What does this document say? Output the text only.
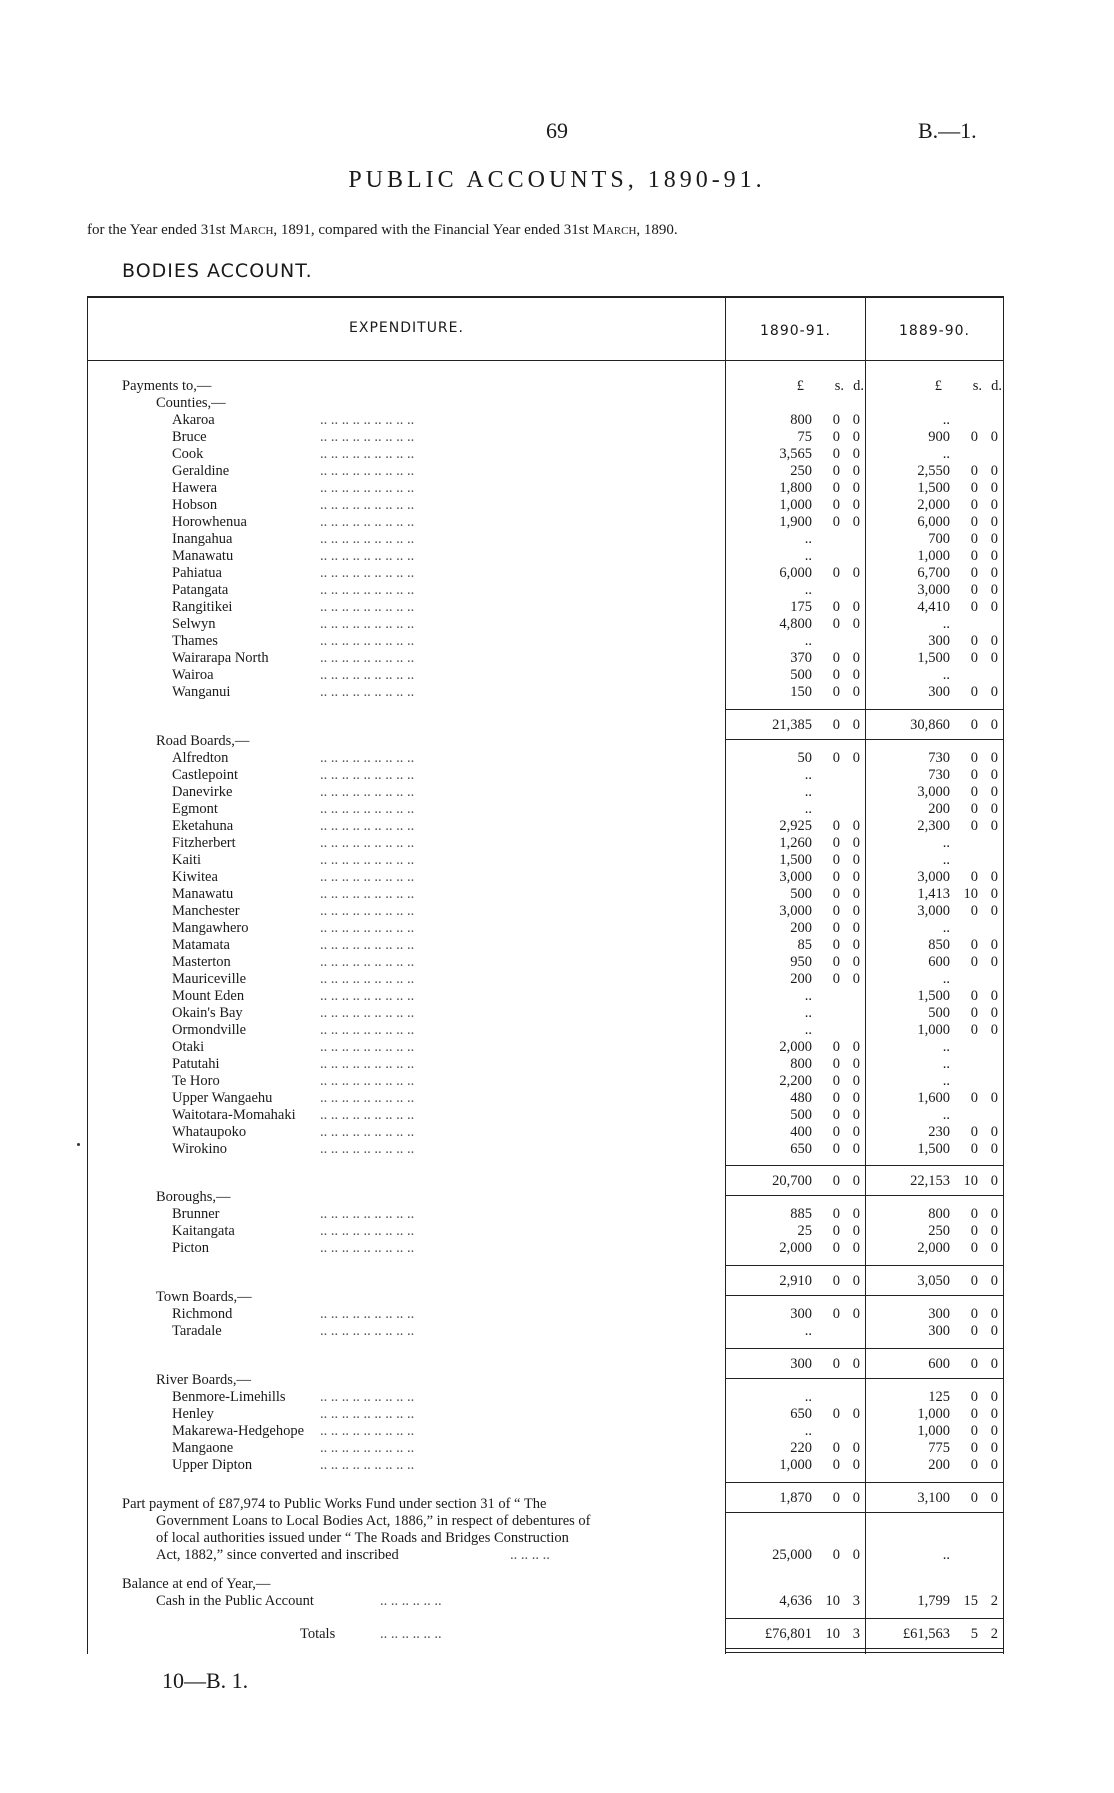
69	B.—1.
PUBLIC ACCOUNTS, 1890-91.
for the Year ended 31st March, 1891, compared with the Financial Year ended 31st March, 1890.
BODIES ACCOUNT.
EXPENDITURE.	1890-91.	1889-90.
Payments to,—	£ s. d.	£ s. d.
Counties,—
Akaroa	.. .. .. .. .. .. .. .. ..	800 0 0	..
Bruce	.. .. .. .. .. .. .. .. ..	75 0 0	900 0 0
Cook	.. .. .. .. .. .. .. .. ..	3,565 0 0	..
Geraldine	.. .. .. .. .. .. .. .. ..	250 0 0	2,550 0 0
Hawera	.. .. .. .. .. .. .. .. ..	1,800 0 0	1,500 0 0
Hobson	.. .. .. .. .. .. .. .. ..	1,000 0 0	2,000 0 0
Horowhenua	.. .. .. .. .. .. .. .. ..	1,900 0 0	6,000 0 0
Inangahua	.. .. .. .. .. .. .. .. ..	..	700 0 0
Manawatu	.. .. .. .. .. .. .. .. ..	..	1,000 0 0
Pahiatua	.. .. .. .. .. .. .. .. ..	6,000 0 0	6,700 0 0
Patangata	.. .. .. .. .. .. .. .. ..	..	3,000 0 0
Rangitikei	.. .. .. .. .. .. .. .. ..	175 0 0	4,410 0 0
Selwyn	.. .. .. .. .. .. .. .. ..	4,800 0 0	..
Thames	.. .. .. .. .. .. .. .. ..	..	300 0 0
Wairarapa North	.. .. .. .. .. .. .. .. ..	370 0 0	1,500 0 0
Wairoa	.. .. .. .. .. .. .. .. ..	500 0 0	..
Wanganui	.. .. .. .. .. .. .. .. ..	150 0 0	300 0 0
21,385 0 0	30,860 0 0
Road Boards,—
Alfredton	.. .. .. .. .. .. .. .. ..	50 0 0	730 0 0
Castlepoint	.. .. .. .. .. .. .. .. ..	..	730 0 0
Danevirke	.. .. .. .. .. .. .. .. ..	..	3,000 0 0
Egmont	.. .. .. .. .. .. .. .. ..	..	200 0 0
Eketahuna	.. .. .. .. .. .. .. .. ..	2,925 0 0	2,300 0 0
Fitzherbert	.. .. .. .. .. .. .. .. ..	1,260 0 0	..
Kaiti	.. .. .. .. .. .. .. .. ..	1,500 0 0	..
Kiwitea	.. .. .. .. .. .. .. .. ..	3,000 0 0	3,000 0 0
Manawatu	.. .. .. .. .. .. .. .. ..	500 0 0	1,413 10 0
Manchester	.. .. .. .. .. .. .. .. ..	3,000 0 0	3,000 0 0
Mangawhero	.. .. .. .. .. .. .. .. ..	200 0 0	..
Matamata	.. .. .. .. .. .. .. .. ..	85 0 0	850 0 0
Masterton	.. .. .. .. .. .. .. .. ..	950 0 0	600 0 0
Mauriceville	.. .. .. .. .. .. .. .. ..	200 0 0	..
Mount Eden	.. .. .. .. .. .. .. .. ..	..	1,500 0 0
Okain's Bay	.. .. .. .. .. .. .. .. ..	..	500 0 0
Ormondville	.. .. .. .. .. .. .. .. ..	..	1,000 0 0
Otaki	.. .. .. .. .. .. .. .. ..	2,000 0 0	..
Patutahi	.. .. .. .. .. .. .. .. ..	800 0 0	..
Te Horo	.. .. .. .. .. .. .. .. ..	2,200 0 0	..
Upper Wangaehu	.. .. .. .. .. .. .. .. ..	480 0 0	1,600 0 0
Waitotara-Momahaki .. .. .. .. .. .. .. .. ..	500 0 0	..
Whataupoko	.. .. .. .. .. .. .. .. ..	400 0 0	230 0 0
Wirokino	.. .. .. .. .. .. .. .. ..	650 0 0	1,500 0 0
20,700 0 0	22,153 10 0
Boroughs,—
Brunner	.. .. .. .. .. .. .. .. ..	885 0 0	800 0 0
Kaitangata	.. .. .. .. .. .. .. .. ..	25 0 0	250 0 0
Picton	.. .. .. .. .. .. .. .. ..	2,000 0 0	2,000 0 0
2,910 0 0	3,050 0 0
Town Boards,—
Richmond	.. .. .. .. .. .. .. .. ..	300 0 0	300 0 0
Taradale	.. .. .. .. .. .. .. .. ..	..	300 0 0
300 0 0	600 0 0
River Boards,—
Benmore-Limehills .. .. .. .. .. .. .. .. ..	..	125 0 0
Henley	.. .. .. .. .. .. .. .. ..	650 0 0	1,000 0 0
Makarewa-Hedgehope .. .. .. .. .. .. .. .. ..	..	1,000 0 0
Mangaone	.. .. .. .. .. .. .. .. ..	220 0 0	775 0 0
Upper Dipton	.. .. .. .. .. .. .. .. ..	1,000 0 0	200 0 0
1,870 0 0	3,100 0 0
Part payment of £87,974 to Public Works Fund under section 31 of “ The
Government Loans to Local Bodies Act, 1886,” in respect of debentures of
of local authorities issued under “ The Roads and Bridges Construction
Act, 1882,” since converted and inscribed	.. .. .. ..	25,000 0 0	..
Balance at end of Year,—
Cash in the Public Account	.. .. .. .. .. ..	4,636 10 3	1,799 15 2
Totals	.. .. .. .. .. ..	£76,801 10 3	£61,563 5 2
10—B. 1.
